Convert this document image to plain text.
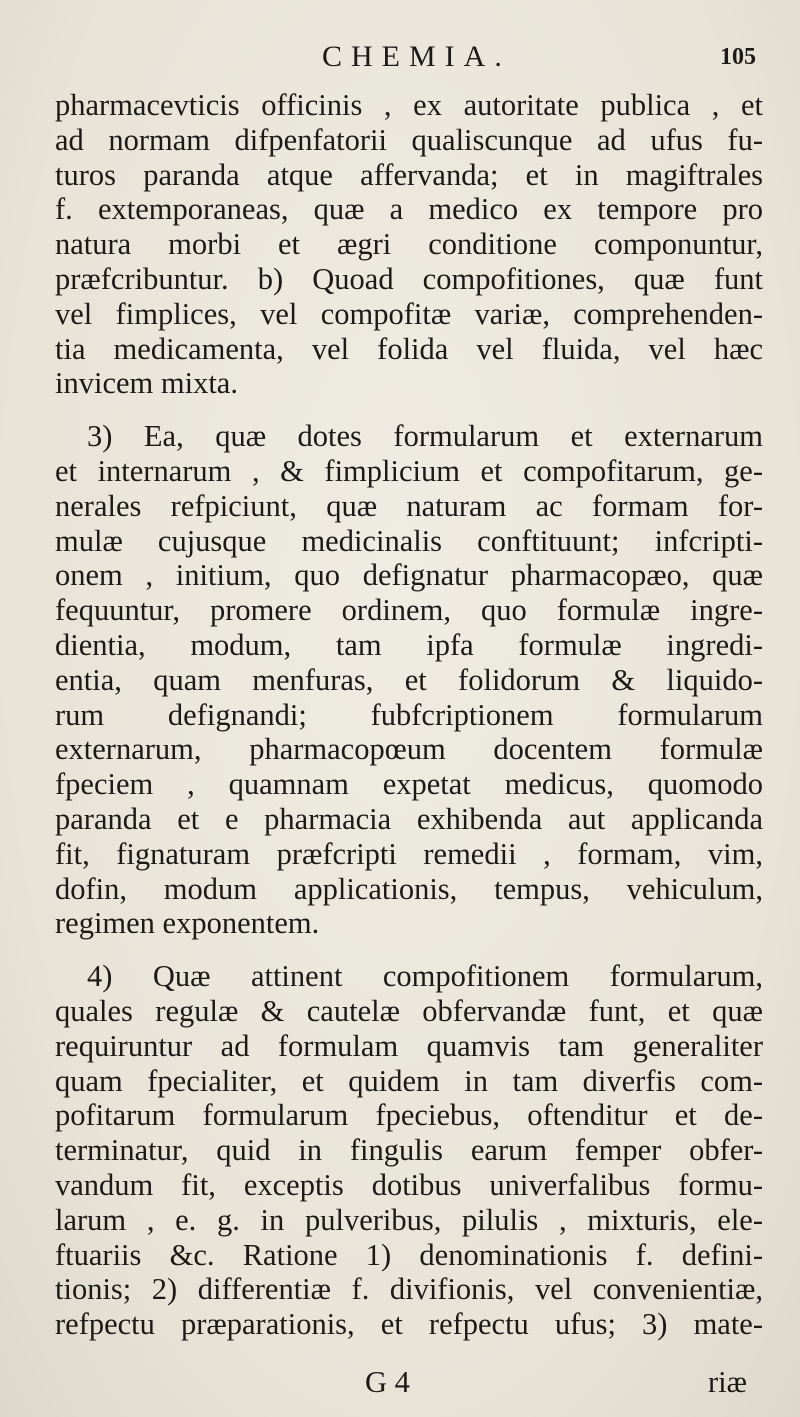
CHEMIA.	105
pharmacevticis officinis , ex autoritate publica , et
ad normam difpenfatorii qualiscunque ad ufus fu-
turos paranda atque affervanda; et in magiftrales
f. extemporaneas, quæ a medico ex tempore pro
natura morbi et ægri conditione componuntur,
præfcribuntur. b) Quoad compofitiones, quæ funt
vel fimplices, vel compofitæ variæ, comprehenden-
tia medicamenta, vel folida vel fluida, vel hæc
invicem mixta.
3) Ea, quæ dotes formularum et externarum
et internarum , & fimplicium et compofitarum, ge-
nerales refpiciunt, quæ naturam ac formam for-
mulæ cujusque medicinalis conftituunt; infcripti-
onem , initium, quo defignatur pharmacopæo, quæ
fequuntur, promere ordinem, quo formulæ ingre-
dientia, modum, tam ipfa formulæ ingredi-
entia, quam menfuras, et folidorum & liquido-
rum defignandi; fubfcriptionem formularum
externarum, pharmacopœum docentem formulæ
fpeciem , quamnam expetat medicus, quomodo
paranda et e pharmacia exhibenda aut applicanda
fit, fignaturam præfcripti remedii , formam, vim,
dofin, modum applicationis, tempus, vehiculum,
regimen exponentem.
4) Quæ attinent compofitionem formularum,
quales regulæ & cautelæ obfervandæ funt, et quæ
requiruntur ad formulam quamvis tam generaliter
quam fpecialiter, et quidem in tam diverfis com-
pofitarum formularum fpeciebus, oftenditur et de-
terminatur, quid in fingulis earum femper obfer-
vandum fit, exceptis dotibus univerfalibus formu-
larum , e. g. in pulveribus, pilulis , mixturis, ele-
ftuariis &c. Ratione 1) denominationis f. defini-
tionis; 2) differentiæ f. divifionis, vel convenientiæ,
refpectu præparationis, et refpectu ufus; 3) mate-
G 4	riæ
